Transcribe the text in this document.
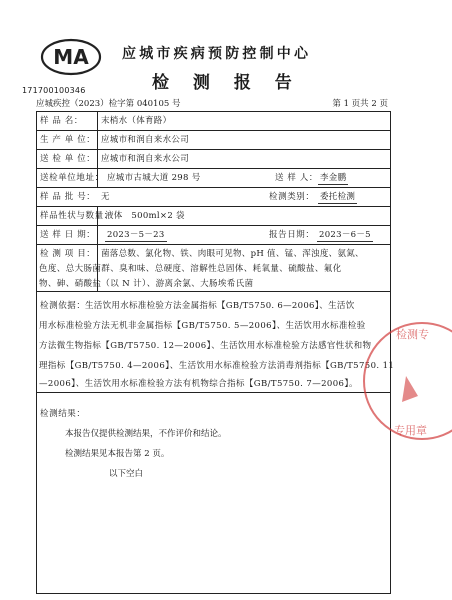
MA
171700100346
应城市疾病预防控制中心
检 测 报 告
应城疾控（2023）检字第 040105 号	第 1 页共 2 页
样 品 名： 末梢水（体育路）
生 产 单 位： 应城市和润自来水公司
送 检 单 位： 应城市和润自来水公司
送检单位地址： 应城市古城大道 298 号	送 样 人： 李金鹏
样 品 批 号： 无	检测类别： 委托检测
样品性状与数量：
液体　500ml×2 袋
送 样 日 期： 2023－5－23	报告日期： 2023－6－5
检 测 项 目： 菌落总数、氯化物、铁、肉眼可见物、pH 值、锰、浑浊度、氨氮、
色度、总大肠菌群、臭和味、总硬度、溶解性总固体、耗氧量、硫酸盐、氟化
物、砷、硝酸盐（以 N 计）、游离余氯、大肠埃希氏菌
检测依据： 生活饮用水标准检验方法金属指标【GB/T5750. 6—2006】、生活饮
用水标准检验方法无机非金属指标【GB/T5750. 5—2006】、生活饮用水标准检验
方法微生物指标【GB/T5750. 12—2006】、生活饮用水标准检验方法感官性状和物
理指标【GB/T5750. 4—2006】、生活饮用水标准检验方法消毒剂指标【GB/T5750. 11
—2006】、生活饮用水标准检验方法有机物综合指标【GB/T5750. 7—2006】。
检测结果：
本报告仅提供检测结果，不作评价和结论。
检测结果见本报告第 2 页。
以下空白
检测专
专用章
